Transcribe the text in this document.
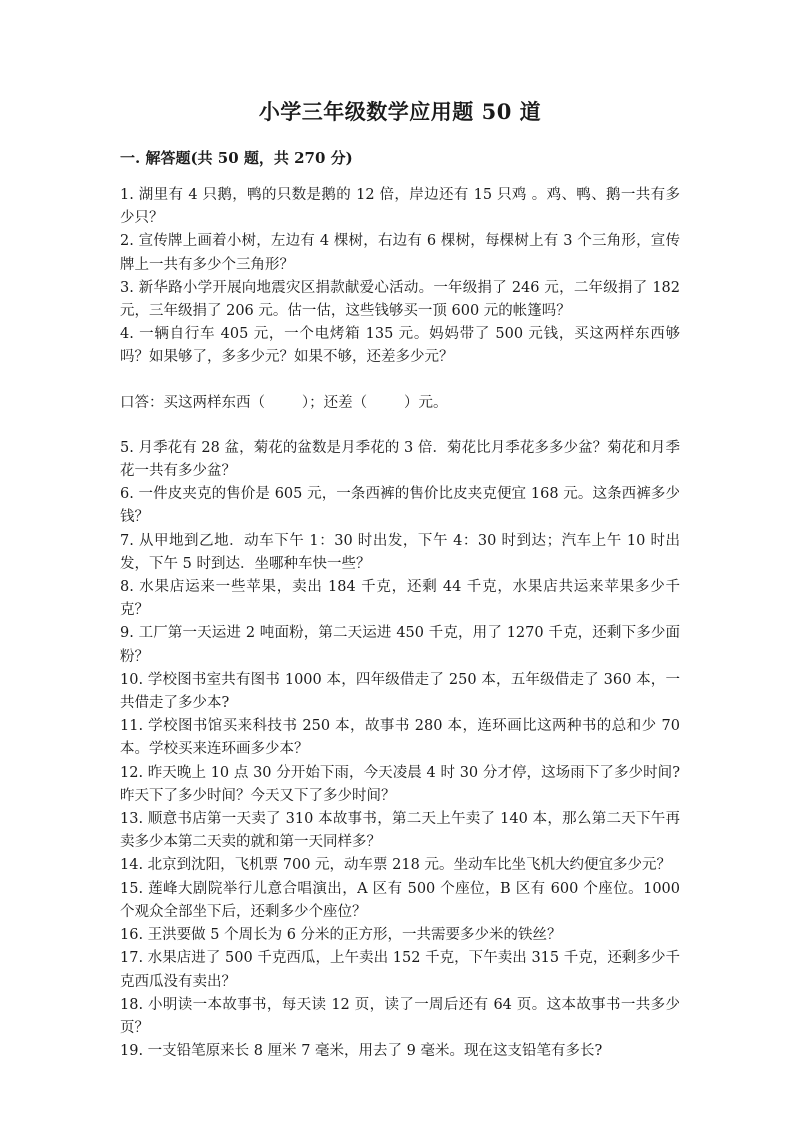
小学三年级数学应用题 50 道
一. 解答题(共 50 题，共 270 分)

1. 湖里有 4 只鹅，鸭的只数是鹅的 12 倍，岸边还有 15 只鸡 。鸡、鸭、鹅一共有多少只？

2. 宣传牌上画着小树，左边有 4 棵树，右边有 6 棵树，每棵树上有 3 个三角形，宣传牌上一共有多少个三角形？

3. 新华路小学开展向地震灾区捐款献爱心活动。一年级捐了 246 元，二年级捐了 182 元，三年级捐了 206 元。估一估，这些钱够买一顶 600 元的帐篷吗？

4. 一辆自行车 405 元，一个电烤箱 135 元。妈妈带了 500 元钱，买这两样东西够吗？如果够了，多多少元？如果不够，还差多少元？

口答：买这两样东西（        ）；还差（        ）元。

5. 月季花有 28 盆，菊花的盆数是月季花的 3 倍．菊花比月季花多多少盆？菊花和月季花一共有多少盆？

6. 一件皮夹克的售价是 605 元，一条西裤的售价比皮夹克便宜 168 元。这条西裤多少钱？

7. 从甲地到乙地．动车下午 1：30 时出发，下午 4：30 时到达；汽车上午 10 时出发，下午 5 时到达．坐哪种车快一些？

8. 水果店运来一些苹果，卖出 184 千克，还剩 44 千克，水果店共运来苹果多少千克？

9. 工厂第一天运进 2 吨面粉，第二天运进 450 千克，用了 1270 千克，还剩下多少面粉？

10. 学校图书室共有图书 1000 本，四年级借走了 250 本，五年级借走了 360 本，一共借走了多少本?

11. 学校图书馆买来科技书 250 本，故事书 280 本，连环画比这两种书的总和少 70 本。学校买来连环画多少本？

12. 昨天晚上 10 点 30 分开始下雨，今天凌晨 4 时 30 分才停，这场雨下了多少时间?昨天下了多少时间？今天又下了多少时间？

13. 顺意书店第一天卖了 310 本故事书，第二天上午卖了 140 本，那么第二天下午再卖多少本第二天卖的就和第一天同样多？

14. 北京到沈阳，飞机票 700 元，动车票 218 元。坐动车比坐飞机大约便宜多少元？

15. 莲峰大剧院举行儿意合唱演出，A 区有 500 个座位，B 区有 600 个座位。1000 个观众全部坐下后，还剩多少个座位？

16. 王洪要做 5 个周长为 6 分米的正方形，一共需要多少米的铁丝？

17. 水果店进了 500 千克西瓜，上午卖出 152 千克，下午卖出 315 千克，还剩多少千克西瓜没有卖出？

18. 小明读一本故事书，每天读 12 页，读了一周后还有 64 页。这本故事书一共多少页？

19. 一支铅笔原来长 8 厘米 7 毫米，用去了 9 毫米。现在这支铅笔有多长?
